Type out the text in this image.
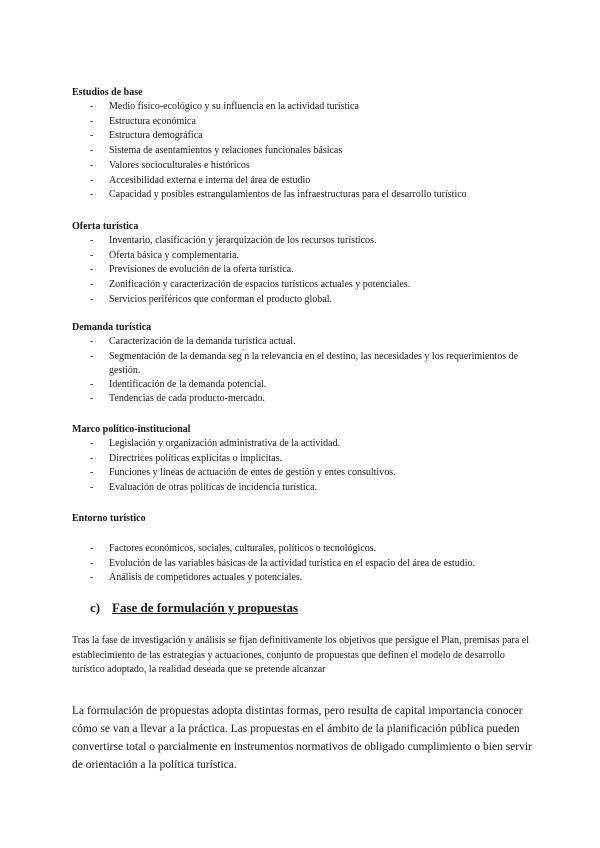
Estudios de base

- Medio físico-ecológico y su influencia en la actividad turística
- Estructura económica
- Estructura demográfica
- Sistema de asentamientos y relaciones funcionales básicas
- Valores socioculturales e históricos
- Accesibilidad externa e interna del área de estudio
- Capacidad y posibles estrangulamientos de las infraestructuras para el desarrollo turístico

Oferta turística

- Inventario, clasificación y jerarquización de los recursos turísticos.
- Oferta básica y complementaria.
- Previsiones de evolución de la oferta turística.
- Zonificación y caracterización de espacios turísticos actuales y potenciales.
- Servicios periféricos que conforman el producto global.

Demanda turística

- Caracterización de la demanda turística actual.
- Segmentación de la demanda seg ́n la relevancia en el destino, las necesidades y los requerimientos de gestión.
- Identificación de la demanda potencial.
- Tendencias de cada producto-mercado.

Marco político-institucional

- Legislación y organización administrativa de la actividad.
- Directrices políticas explícitas o implícitas.
- Funciones y líneas de actuación de entes de gestión y entes consultivos.
- Evaluación de otras políticas de incidencia turística.

Entorno turístico

- Factores económicos, sociales, culturales, políticos o tecnológicos.
- Evolución de las variables básicas de la actividad turística en el espacio del área de estudio.
- Análisis de competidores actuales y potenciales.
c) Fase de formulación y propuestas

Tras la fase de investigación y análisis se fijan definitivamente los objetivos que persigue el Plan, premisas para el establecimiento de las estrategias y actuaciones, conjunto de propuestas que definen el modelo de desarrollo turístico adoptado, la realidad deseada que se pretende alcanzar

La formulación de propuestas adopta distintas formas, pero resulta de capital importancia conocer cómo se van a llevar a la práctica. Las propuestas en el ámbito de la planificación pública pueden convertirse total o parcialmente en instrumentos normativos de obligado cumplimiento o bien servir de orientación a la política turística.
